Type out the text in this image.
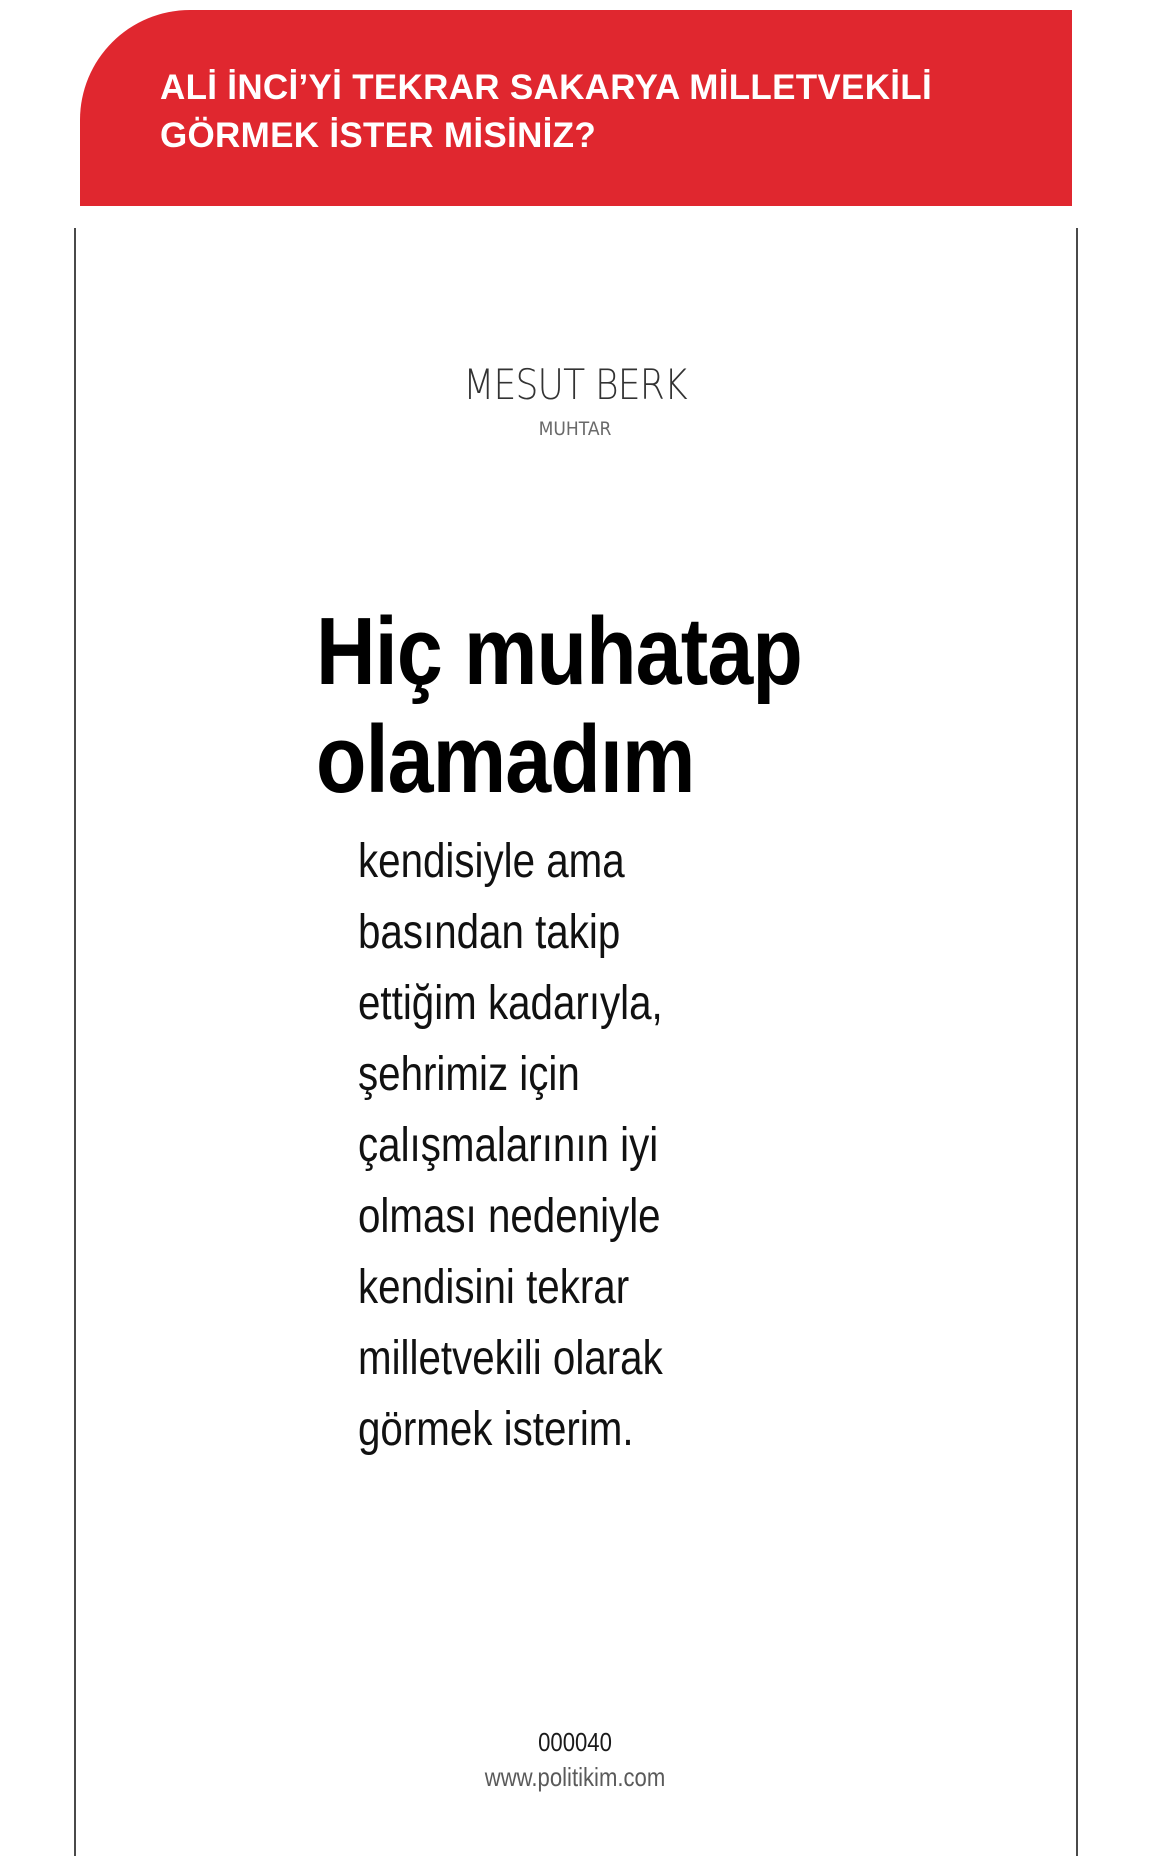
ALİ İNCİ’Yİ TEKRAR SAKARYA MİLLETVEKİLİ
GÖRMEK İSTER MİSİNİZ?
MESUT BERK
MUHTAR
Hiç muhatap
olamadım

kendisiyle ama
basından takip
ettiğim kadarıyla,
şehrimiz için
çalışmalarının iyi
olması nedeniyle
kendisini tekrar
milletvekili olarak
görmek isterim.

000040
www.politikim.com
